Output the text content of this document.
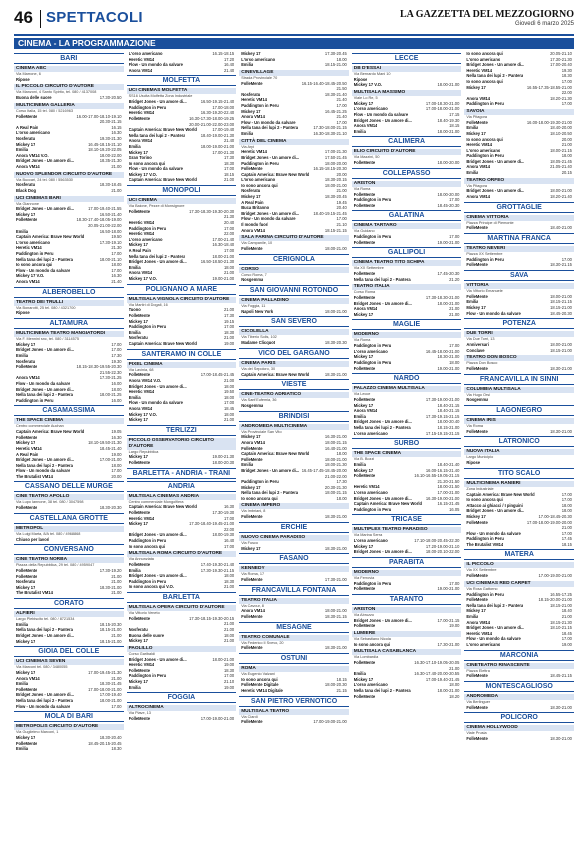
46 SPETTACOLI	LA GAZZETTA DEL MEZZOGIORNO
Giovedì 6 marzo 2025
CINEMA - LA PROGRAMMAZIONE
BARI
CINEMA ABC
Via Marrone, 6
Ripose
IL PICCOLO CIRCUITO D'AUTORE
Via Manzoni, 4 Santo Spirito, tel. 080 / 4137008
Buona delle suore	17.30-20.50
MULTICINEMA GALLERIA
Corso Italia, 15 tel. 080 / 5216963
FolleMente	16.00-17.00-18.10-19.10
20.30-21.15
A Real Pain	16.15
L'orso americano	16.30
Nosferatu	19.30-21.30
Mickey 17	16.45-18.15-21.10
Emilia	18.10-19.20-22.05
Anora VM14 V.O.	18.00-22.00
Bridget Jones - Un amore di...	18.35-21.30
Anora VM14	21.00
NUOVO SPLENDOR CIRCUITO D'AUTORE
Via Buccari, 24 tel. 080 / 5563530
Nosferatu	18.30-18.45
Black Dog	21.00
UCI CINEMAS BARI
Via Giannone
Bridget Jones - Un amore di...	17.00-19.40-21.55
Mickey 17	16.50-21.40
FolleMente	18.30-17.40-18.05-19.00
20.05-21.00-22.00
Emilia	16.50-18.00
Captain America: Brave New World	19.50
L'orso americano	17.30-19.10
Heretic VM14	21.30
Paddington in Peru	17.00
Nella tana dei lupi 2 - Pantera	18.00-21.10
Io sono ancora qui	18.00
Flow - Un mondo da salvare	17.00
Mickey 17 V.O.	16.30
Anora VM14	21.40
ALBEROBELLO
TEATRO DEI TRULLI
Via Bonarotti, 25 tel. 080 / 4321700
Ripose
ALTAMURA
MULTICINEMA TEATRO MANGIATORDI
Via F. Mennini snc, tel. 080 / 3114575
Mickey 17	17.00
Bridget Jones - Un amore di...	17.00
Emilia	17.30
Nosferatu	19.30
FolleMente	18.15-18.30-19.55-20.30
21.55-22.30
Anora VM14	17.30-21.25
Flow - Un mondo da salvare	16.00
Bridget Jones - Un amore di...	18.00
Nella tana dei lupi 2 - Pantera	18.00-21.25
Paddington in Peru	16.00
CASAMASSIMA
THE SPACE CINEMA
Centro commerciale Auchan
Captain America: Brave New World	19.05
FolleMente	16.30
Mickey 17	18.10-19.50-21.30
Heretic VM14	18.45-21.40
A Real Pain	19.00
Bridget Jones - Un amore di...	17.00-21.00
Nella tana dei lupi 2 - Pantera	18.00
Flow - Un mondo da salvare	17.00
The Brutalist VM14	20.00
CASSANO DELLE MURGE
CINE TEATRO APOLLO
Via Lupo Iannone, 38 tel. 080 / 3047598
FolleMente	18.30-20.30
CASTELLANA GROTTE
METROPOL
Via Luigi Marta, 8/A tel. 080 / 4968868
Chiuso per lavori
CONVERSANO
CINE TEATRO NORBA
Piazza della Repubblica, 29 tel. 080 / 4959047
FolleMente	17.30-19.20
FolleMente	21.00
Nosferatu	21.00
Mickey 17	18.30-21.00
The Brutalist VM14	21.00
CORATO
ALFIERI
Largo Plebiscito tel. 080 / 8721534
Emilia	18.15-20.30
Nella tana dei lupi 2 - Pantera	18.15-21.00
Bridget Jones - Un amore di...	21.00
Mickey 17	18.15-21.00
GIOIA DEL COLLE
UCI CINEMAS SEVEN
Via Marconi tel. 080 / 3480055
Mickey 17	17.00-19.45-21.30
Anora VM14	21.00
Emilia	18.30-21.45
FolleMente	17.00-18.00-21.00
Bridget Jones - Un amore di...	17.00-19.40
Nella tana dei lupi 2 - Pantera	18.00-21.00
Flow - Un mondo da salvare	17.00
MOLA DI BARI
METROPOLIS CIRCUITO D'AUTORE
Via Guglielmo Marconi, 1
Mickey 17	18.30-20.40
FolleMente	18.45-20.15-20.45
Emilia	18.30
L'orso americano	16.15-18.15
Heretic VM14	17.20
Flow - Un mondo da salvare	16.40
Anora VM14	21.40
MOLFETTA
UCI CINEMAS MOLFETTA
SS16 Uscita Molfetta Zona Industriale
Bridget Jones - Un amore di...	16.50-19.15-21.40
Paddington in Peru	17.00-18.00
Heretic VM14	16.30-19.20-22.40
FolleMente	16.30-17.30-18.00-19.25
20.00-21.00-22.00-23.00
Captain America: Brave New World	17.00-19.40
Nella tana dei lupi 2 - Pantera	18.40-19.00-21.30
Anora VM14	21.40
Emilia	18.00-19.00-21.00
Mickey 17	17.00-21.30
Gran Torino	17.30
Io sono ancora qui	18.30
Flow - Un mondo da salvare	17.00
Mickey 17 V.O.	18.15
Captain America: Brave New World	21.00
MONOPOLI
UCI CINEMA
Via Baione, Pezze di Monsignore
FolleMente	17.30-18.30-19.30-20.30
21.30
Heretic VM14	20.40
Paddington in Peru	17.00
Heretic VM14	22.00
L'orso americano	17.00-21.40
Mickey 17	16.30-18.40
A Real Pain	17.00
Nella tana dei lupi 2 - Pantera	18.00-21.00
Bridget Jones - Un amore di...	16.50-18.50-21.30
Emilia	18.00
Anora VM14	21.00
Mickey 17 V.O.	19.00-21.00
POLIGNANO A MARE
MULTISALA VIGNOLA CIRCUITO D'AUTORE
Via Martiri di Dogali, 16
Tuono	21.00
FolleMente	17.30
Mickey 17	19.15
Paddington in Peru	17.00
Emilia	18.30
Nosferatu	21.00
Captain America: Brave New World	19.00
SANTERAMO IN COLLE
PIXEL CINEMA
Via Lavinia, 68
FolleMente	17.00-18.45-21.45
Anora VM14 V.O.	21.00
Bridget Jones - Un amore di...	18.00
Heretic VM14	19.50
Emilia	18.00
Flow - Un mondo da salvare	17.00
Anora VM14	18.45
Mickey 17 V.O.	18.00
Mickey 17	21.00
TERLIZZI
PICCOLO OSSERVATORIO CIRCUITO D'AUTORE
Largo Repubblica
Mickey 17	19.00-21.30
FolleMente	18.00-20.30
BARLETTA - ANDRIA - TRANI
ANDRIA
MULTISALA CINEMAS ANDRIA
Centro commerciale Mongolfiera
Captain America: Brave New World	16.30
FolleMente	17.30-19.30
Heretic VM14	17.00
Mickey 17	17.30-18.40-19.45-21.00
22.00
Bridget Jones - Un amore di...	18.00-19.30
Paddington in Peru	16.40
Io sono ancora qui	17.00
MULTISALA ROMA CIRCUITO D'AUTORE
Via Annunziata
FolleMente	17.40-19.30-21.40
Emilia	17.30-19.30-21.15
Bridget Jones - Un amore di...	18.00
Paddington in Peru	18.30
Io sono ancora qui V.O.	21.00
BARLETTA
MULTISALA OPERA CIRCUITO D'AUTORE
Via Vittorio Veneto
FolleMente	17.30-18.15-19.30-20.15
21.00
Nosferatu	21.00
Buona delle suore	18.00
Mickey 17	21.00
PAOLILLO
Corso Garibaldi
Bridget Jones - Un amore di...	18.00-21.00
Heretic VM14	19.00
FolleMente	18.30
Paddington in Peru	17.00
Mickey 17	21.10
Emilia	19.00
FOGGIA
ALTROCINEMA
Via Piave, 13
FolleMente	17.00-19.00-21.00
Mickey 17	17.30-20.45
L'orso americano	18.00
Emilia	18.15-21.00
CINEVILLAGE
Strada Provinciale 70
FolleMente	16.15-16.40-18.45-20.50
21.50
Nosferatu	18.30-21.40
Heretic VM14	21.40
Paddington in Peru	17.00
Mickey 17	16.45-21.25
Anora VM14	21.40
Flow - Un mondo da salvare	17.00
Nella tana dei lupi 2 - Pantera	17.30-18.00-21.15
Emilia	16.30-18.30-21.10
CITTÀ DEL CINEMA
Via Arpi
Heretic VM14	17.00-21.30
Bridget Jones - Un amore di...	17.50-21.45
Paddington in Peru	18.00-20.00
FolleMente	16.15-18.15-20.30
Captain America: Brave New World	20.00
L'orso americano	18.30-20.15
Io sono ancora qui	18.00-21.00
Nosferatu	21.00
Mickey 17	18.30-20.45
A Real Pain	19.45
Buca Britanno	20.40
Bridget Jones - Un amore di...	18.40-19.15-21.45
Flow - Un mondo da salvare	17.00
Il mondo fuori	21.10
Anora VM14	18.15-21.15
SALA FARINA CIRCUITO D'AUTORE
Via Campanile, 10
FolleMente	18.00-21.00
CERIGNOLA
CORSO
Corso Roma, 7
Nosgemma
SAN GIOVANNI ROTONDO
CINEMA PALLADINO
Via Foggia, 11
Napoli New York	18.00-21.00
SAN SEVERO
CICOLELLA
Via Tiberio Solis, 102
Madame Clicquot	18.30-20.30
VICO DEL GARGANO
CINEMA PARIS
Via del Sepolcro, 30
Captain America: Brave New World	18.30-21.00
VIESTE
CINE-TEATRO ADRIATICO
Via Sant'Eufemia, 36
Nosgemma
BRINDISI
ANDROMEDA MULTICINEMA
Via Provinciale San Vito
Mickey 17	16.30-21.00
Anora VM14	18.00-21.15
FolleMente	16.40-21.00
Captain America: Brave New World	18.00
FolleMente	18.00-21.00
Emilia	18.00-21.30
Bridget Jones - Un amore di... 16.45-17.45-18.45-20.00
21.00-22.00
Paddington in Peru	17.30
Mickey 17	20.30-21.30
Nella tana dei lupi 2 - Pantera	18.00-21.15
Io sono ancora qui	18.00
CINEMA IMPERO
Via Imbriani, 8
FolleMente	18.30-21.00
ERCHIE
NUOVO CINEMA PARADISO
Via Fusco
Mickey 17	18.30-21.00
FASANO
KENNEDY
Via Roma, 17
FolleMente	17.30-21.00
FRANCAVILLA FONTANA
TEATRO ITALIA
Via Cavour, 8
Anora VM14	18.00-21.00
FolleMente	18.30-21.15
MESAGNE
TEATRO COMUNALE
Via Federico II Svevo, 20
FolleMente	18.30-21.00
OSTUNI
ROMA
Via Eugenio Valzani
Io sono ancora qui	18.15
FolleMente Digitale	18.00-20.30
Heretic VM14 Digitale	21.15
SAN PIETRO VERNOTICO
MULTISALA TEATRO
Via Ciardi
FolleMente	17.00-19.00-21.00
LECCE
DB D'ESSAI
Via Bernardo Mani 10
Ripose
Mickey 17 V.O.	18.00-21.00
MULTISALA MASSIMO
Viale Lo Re, 5
Mickey 17	17.00-18.30-21.00
L'orso americano	17.00-18.00-21.00
Flow - Un mondo da salvare	17.15
Bridget Jones - Un amore di...	18.40-19.30
Anora VM14	18.15
Emilia	18.00-21.00
CALIMERA
ELIO CIRCUITO D'AUTORE
Via Mazzini, 50
FolleMente	18.00-20.00
COLLEPASSO
ARISTON
Via Roma
FolleMente	18.00-20.00
Paddington in Peru	17.00
FolleMente	18.45-20.30
GALATINA
CINEMA TARTARO
Via Guidano
Paddington in Peru	17.00
FolleMente	19.00-21.00
GALLIPOLI
CINEMA TEATRO TITO SCHIPA
Via XX Settembre
FolleMente	17.45-20.30
Nella tana dei lupi 2 - Pantera	21.20
TEATRO ITALIA
Corso Roma
FolleMente	17.30-18.30-21.00
Bridget Jones - Un amore di...	18.00-21.00
Anora VM14	21.00
Mickey 17	21.00
MAGLIE
MODERNO
Via Roma
Paddington in Peru	17.00
L'orso americano	16.45-18.00-21.00
Mickey 17	18.30-21.00
Paddington in Peru	18.00
FolleMente	19.00-21.00
NARDÒ
PALAZZO CINEMA MULTISALA
Via Lecce
FolleMente	17.30-19.00-21.00
Mickey 17	18.40-21.15
Anora VM14	18.40-21.15
Emilia	17.30-19.15-21.15
Bridget Jones - Un amore di...	18.00-20.40
Nella tana dei lupi 2 - Pantera	18.15-21.00
L'orso americano	17.15-19.15-21.15
SURBO
THE SPACE CINEMA
Via B. Bozzi
Emilia	18.40-21.40
Mickey 17	16.00-16.15-21.40
FolleMente	16.10-16.55-19.05-21.15
21.20-21.50
Heretic VM14	18.00-21.50
L'orso americano	17.00-21.00
Bridget Jones - Un amore di...	16.30-19.00-21.00
Captain America: Brave New World	16.15-21.45
Paddington in Peru	16.05
TRICASE
MULTIPLEX TEATRO PARADISO
Via Marina Serra
L'orso americano	17.10-18.00-20.45-22.30
Mickey 17	17.20-19.00-21.10
Bridget Jones - Un amore di...	18.00-20.10-22.00
PARABITA
MODERNO
Via Ferrovia
Paddington in Peru	17.00
FolleMente	19.00-21.00
TARANTO
ARISTON
Via Abruzzo
Bridget Jones - Un amore di...	17.00-21.15
FolleMente	19.00
LUMIERE
Via Sebastiano Nicola
Io sono ancora qui	17.30-21.00
MULTISALA CASABLANCA
Via Lombardia
FolleMente	16.30-17.10-19.05-20.05
21.00
Emilia	16.30-17.40-20.00-20.55
Mickey 17	17.00-19.40-21.45
L'orso americano	18.00
Nella tana dei lupi 2 - Pantera	18.00-21.00
FolleMente	18.20
Io sono ancora qui	20.05-21.10
L'orso americano	17.30-21.30
Bridget Jones - Un amore di...	17.00-20.40
Heretic VM14	19.30
Nella tana dei lupi 2 - Pantera	18.30
Io sono ancora qui	17.00
Mickey 17	16.55-17.35-18.55-21.00
22.00
Anora VM14	18.20-21.30
Paddington in Peru	17.00
SAVOIA
Via Pitagora
FolleMente	16.00-18.00-19.30-21.00
Emilia	18.40-20.00
Mickey 17	18.10-20.50
Io sono ancora qui	20.00
Heretic VM14	21.00
L'orso americano	18.00-21.15
Paddington in Peru	18.00
Bridget Jones - Un amore di...	18.05-21.45
Anora VM14	21.05-21.40
Emilia	20.15
TEATRO ORFEO
Via Pitagora
Bridget Jones - Un amore di...	18.00-21.00
Anora VM14	18.20-21.40
GROTTAGLIE
CINEMA VITTORIA
Piazza Principe di Piemonte
FolleMente	18.40-21.00
MARTINA FRANCA
TEATRO NEVERI
Piazza XX Settembre
Paddington in Peru	17.00
FolleMente	18.30-21.15
SAVA
VITTORIA
Via Vittorio Emanuele
FolleMente	18.00-21.00
Emilia	18.15-21.15
Mickey 17	18.15-21.00
Flow - Un mondo da salvare	18.45-20.30
POTENZA
DUE TORRI
Via Due Torri, 13
Anniversari	18.00-21.00
Conclave	18.15-21.00
TEATRO DON BOSCO
Piazza Don Bosco
FolleMente	18.30-21.00
FRANCAVILLA IN SINNI
COLUMBIA MULTISALA
Via Hugo Orsi
Nosgemma
LAGONEGRO
CINEMA IRIS
Via Roma
FolleMente	18.30-21.00
LATRONICO
NUOVA ITALIA
Largo Municipio
Ripose
TITO SCALO
MULTICINEMA RANIERI
Zona Industriale
Captain America: Brave New World	17.00
Io sono ancora qui	17.00
Attacco ai ghiacci / I pinguini	18.00
Bridget Jones - Un amore di...	18.00
Mickey 17	17.00-18.45-20.30
FolleMente	17.00-18.00-19.00-20.00
21.00
Flow - Un mondo da salvare	17.00
Paddington in Peru	17.45
The Brutalist VM14	18.15
MATERA
IL PICCOLO
Via XX Settembre
FolleMente	17.00-19.00-21.00
UCI CINEMAS RED CARPET
Via Rosa Gattorno
Paddington in Peru	16.55-17.25
FolleMente	18.15-20.00-21.00
Nella tana dei lupi 2 - Pantera	18.15-21.00
Mickey 17	18.40
Emilia	21.00
Anora VM14	18.15-21.30
Bridget Jones - Un amore di...	18.10-21.15
Heretic VM14	18.45
Flow - Un mondo da salvare	17.00
L'orso americano	19.00
MARCONIA
CINETEATRO RINASCENTE
Piazza Elettra
FolleMente	18.45-21.15
MONTESCAGLIOSO
ANDROMEDA
Via Berlinguer
FolleMente	18.30-21.00
POLICORO
CINEMA HOLLYWOOD
Viale Prusia
FolleMente	18.30-21.00
